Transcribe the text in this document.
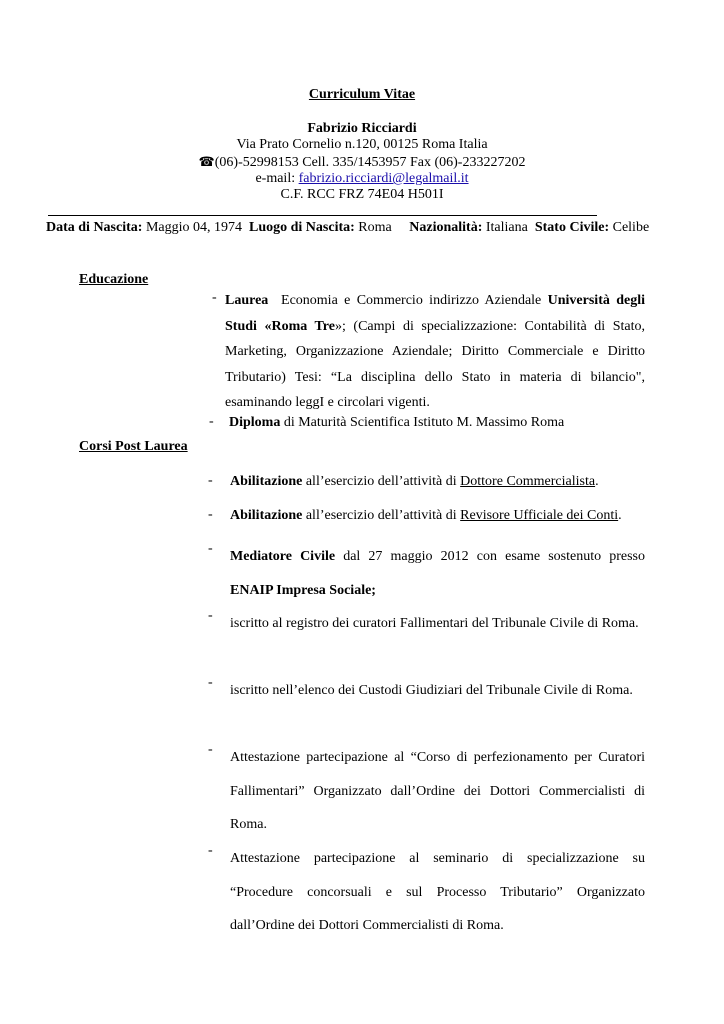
Curriculum Vitae
Fabrizio Ricciardi
Via Prato Cornelio n.120, 00125 Roma Italia
☎(06)-52998153 Cell. 335/1453957 Fax (06)-233227202
e-mail: fabrizio.ricciardi@legalmail.it
C.F. RCC FRZ 74E04 H501I
Data di Nascita: Maggio 04, 1974 Luogo di Nascita: Roma Nazionalità: Italiana Stato Civile: Celibe
Educazione
- Laurea Economia e Commercio indirizzo Aziendale Università degli Studi «Roma Tre»; (Campi di specializzazione: Contabilità di Stato, Marketing, Organizzazione Aziendale; Diritto Commerciale e Diritto Tributario) Tesi: “La disciplina dello Stato in materia di bilancio", esaminando leggI e circolari vigenti.
- Diploma di Maturità Scientifica Istituto M. Massimo Roma
Corsi Post Laurea
- Abilitazione all’esercizio dell’attività di Dottore Commercialista.
- Abilitazione all’esercizio dell’attività di Revisore Ufficiale dei Conti.
-
Mediatore Civile dal 27 maggio 2012 con esame sostenuto presso ENAIP Impresa Sociale;
-
iscritto al registro dei curatori Fallimentari del Tribunale Civile di Roma.
-
iscritto nell’elenco dei Custodi Giudiziari del Tribunale Civile di Roma.
-
Attestazione partecipazione al “Corso di perfezionamento per Curatori Fallimentari” Organizzato dall’Ordine dei Dottori Commercialisti di Roma.
-
Attestazione partecipazione al seminario di specializzazione su “Procedure concorsuali e sul Processo Tributario” Organizzato dall’Ordine dei Dottori Commercialisti di Roma.
